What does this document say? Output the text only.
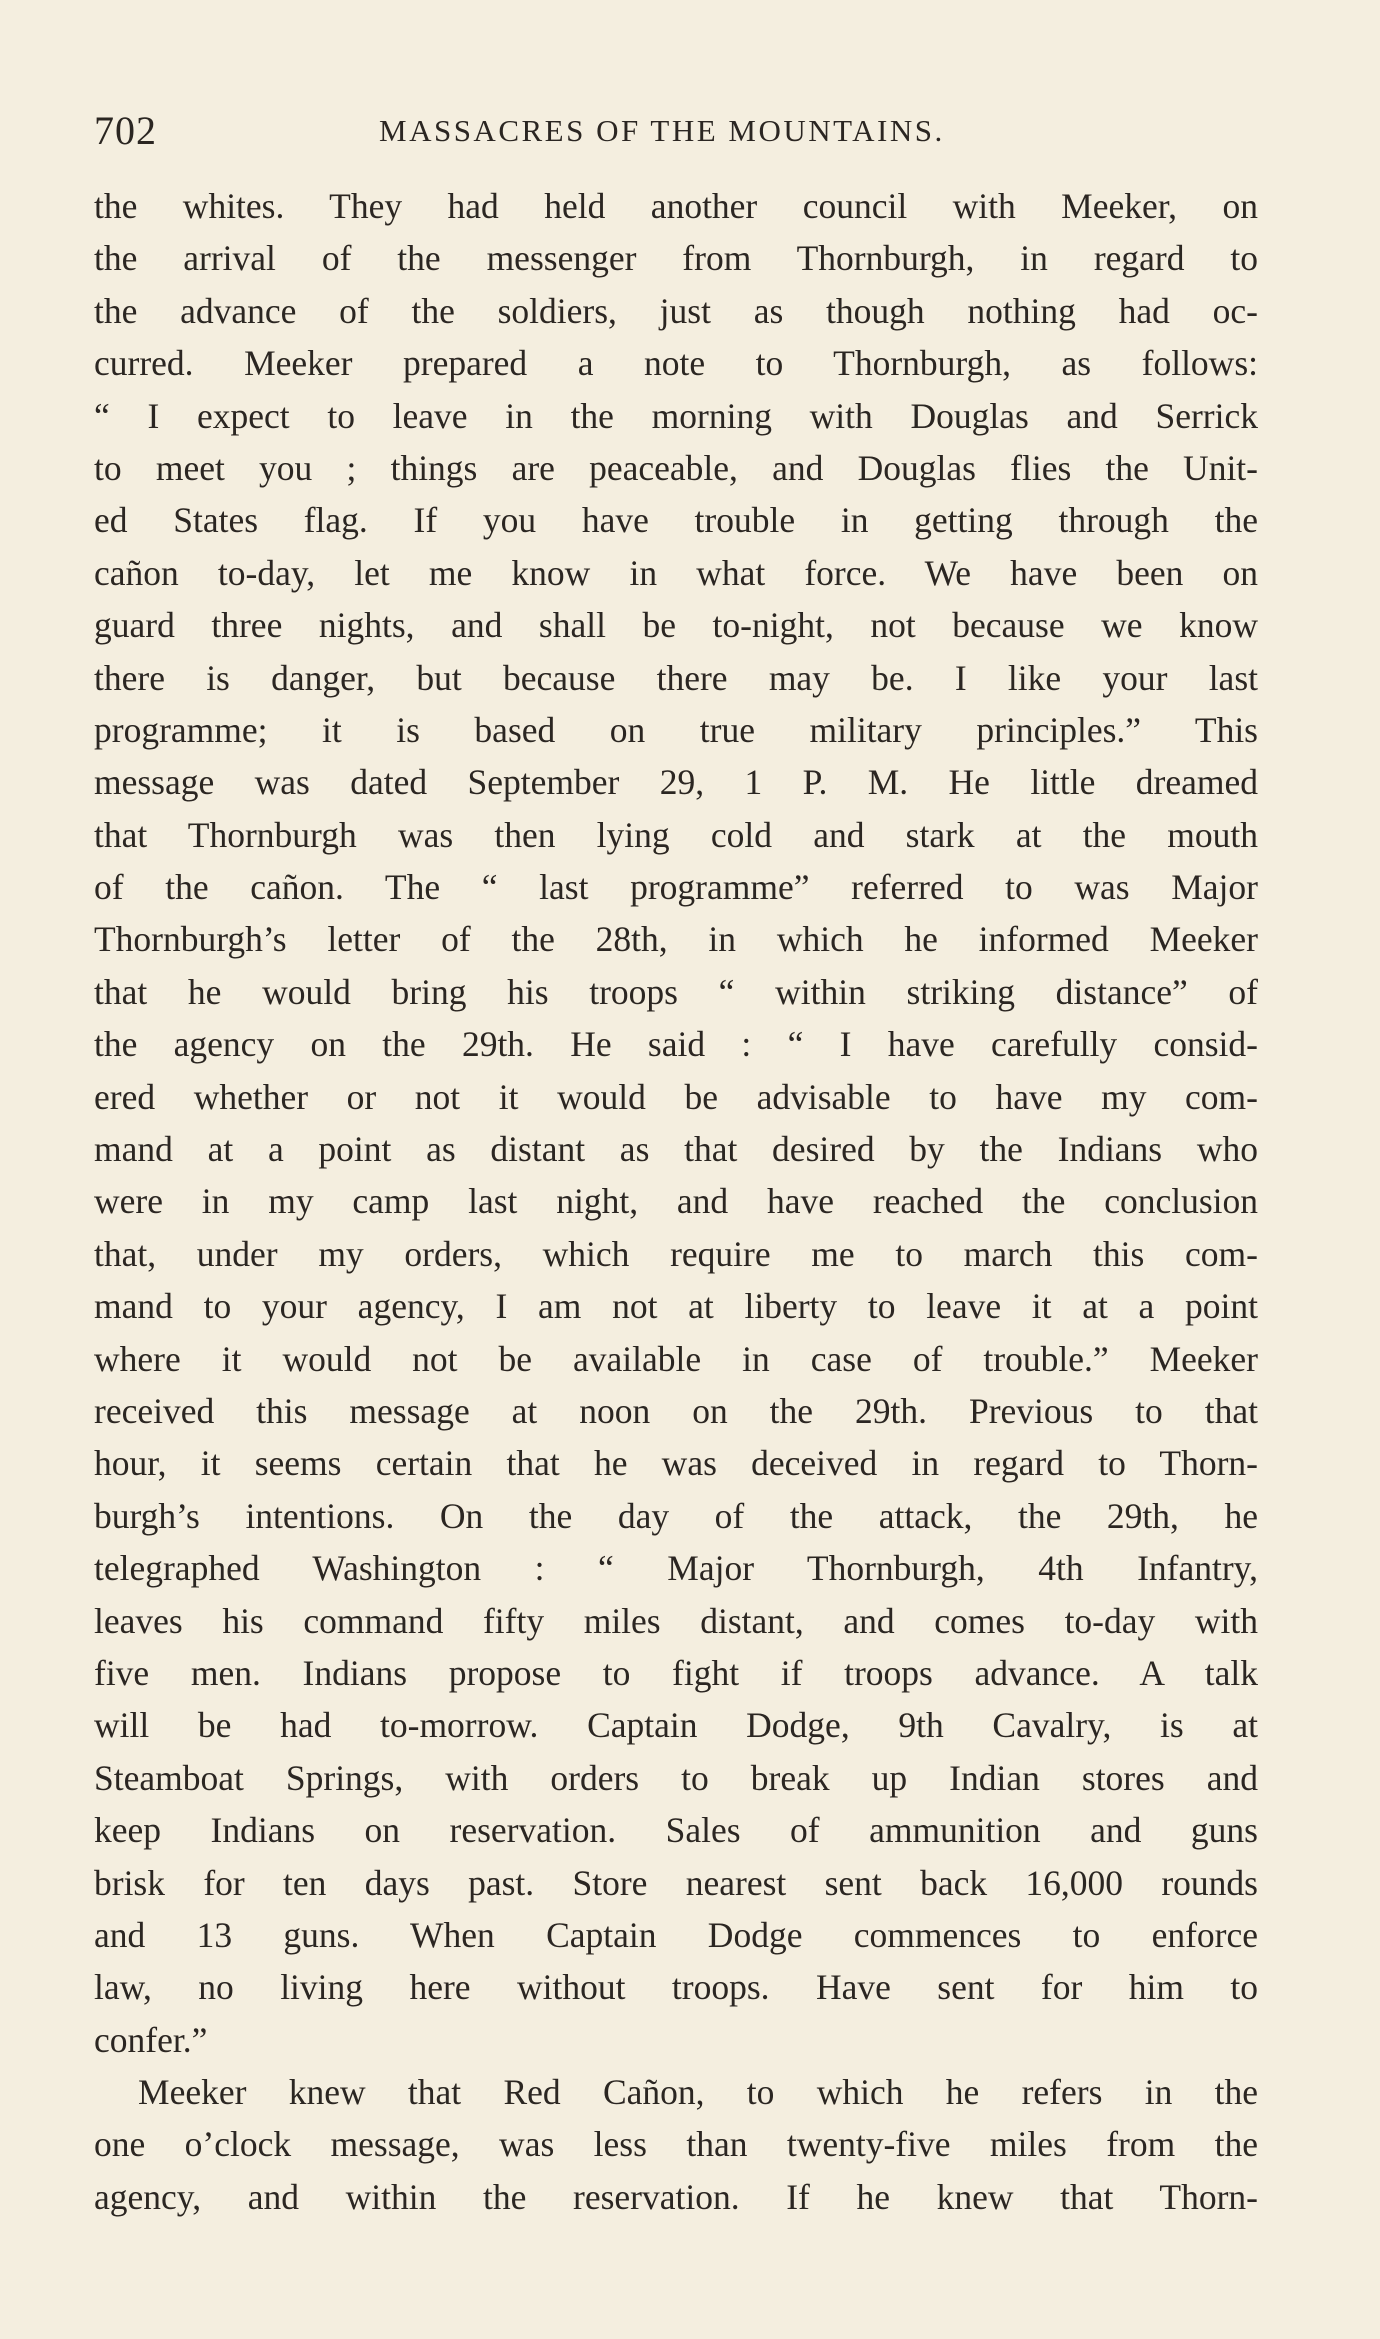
702	MASSACRES OF THE MOUNTAINS.
the whites. They had held another council with Meeker, on
the arrival of the messenger from Thornburgh, in regard to
the advance of the soldiers, just as though nothing had oc-
curred. Meeker prepared a note to Thornburgh, as follows:
“ I expect to leave in the morning with Douglas and Serrick
to meet you ; things are peaceable, and Douglas flies the Unit-
ed States flag. If you have trouble in getting through the
cañon to-day, let me know in what force. We have been on
guard three nights, and shall be to-night, not because we know
there is danger, but because there may be. I like your last
programme; it is based on true military principles.” This
message was dated September 29, 1 P. M. He little dreamed
that Thornburgh was then lying cold and stark at the mouth
of the cañon. The “ last programme” referred to was Major
Thornburgh’s letter of the 28th, in which he informed Meeker
that he would bring his troops “ within striking distance” of
the agency on the 29th. He said : “ I have carefully consid-
ered whether or not it would be advisable to have my com-
mand at a point as distant as that desired by the Indians who
were in my camp last night, and have reached the conclusion
that, under my orders, which require me to march this com-
mand to your agency, I am not at liberty to leave it at a point
where it would not be available in case of trouble.” Meeker
received this message at noon on the 29th. Previous to that
hour, it seems certain that he was deceived in regard to Thorn-
burgh’s intentions. On the day of the attack, the 29th, he
telegraphed Washington : “ Major Thornburgh, 4th Infantry,
leaves his command fifty miles distant, and comes to-day with
five men. Indians propose to fight if troops advance. A talk
will be had to-morrow. Captain Dodge, 9th Cavalry, is at
Steamboat Springs, with orders to break up Indian stores and
keep Indians on reservation. Sales of ammunition and guns
brisk for ten days past. Store nearest sent back 16,000 rounds
and 13 guns. When Captain Dodge commences to enforce
law, no living here without troops. Have sent for him to
confer.”
Meeker knew that Red Cañon, to which he refers in the
one o’clock message, was less than twenty-five miles from the
agency, and within the reservation. If he knew that Thorn-
